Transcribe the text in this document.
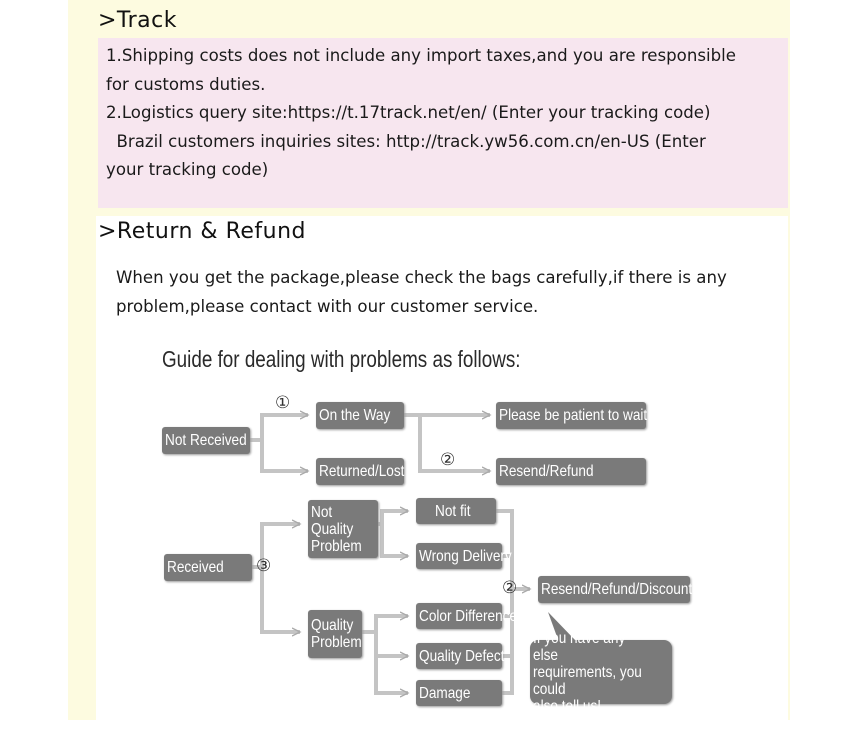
>Track
1.Shipping costs does not include any import taxes,and you are responsible
for customs duties.
2.Logistics query site:https://t.17track.net/en/ (Enter your tracking code)
Brazil customers inquiries sites: http://track.yw56.com.cn/en-US (Enter
your tracking code)
>Return & Refund
When you get the package,please check the bags carefully,if there is any
problem,please contact with our customer service.
Guide for dealing with problems as follows:
Not Received
On the Way	Please be patient to wait
Returned/Lost	Resend/Refund
Received
Not
Quality
Problem
Quality
Problem
Not fit
Wrong Delivery
Color Difference
Quality Defect
Damage
Resend/Refund/Discount
If you have any else
requirements, you could
also tell us!
①
②
③
②
